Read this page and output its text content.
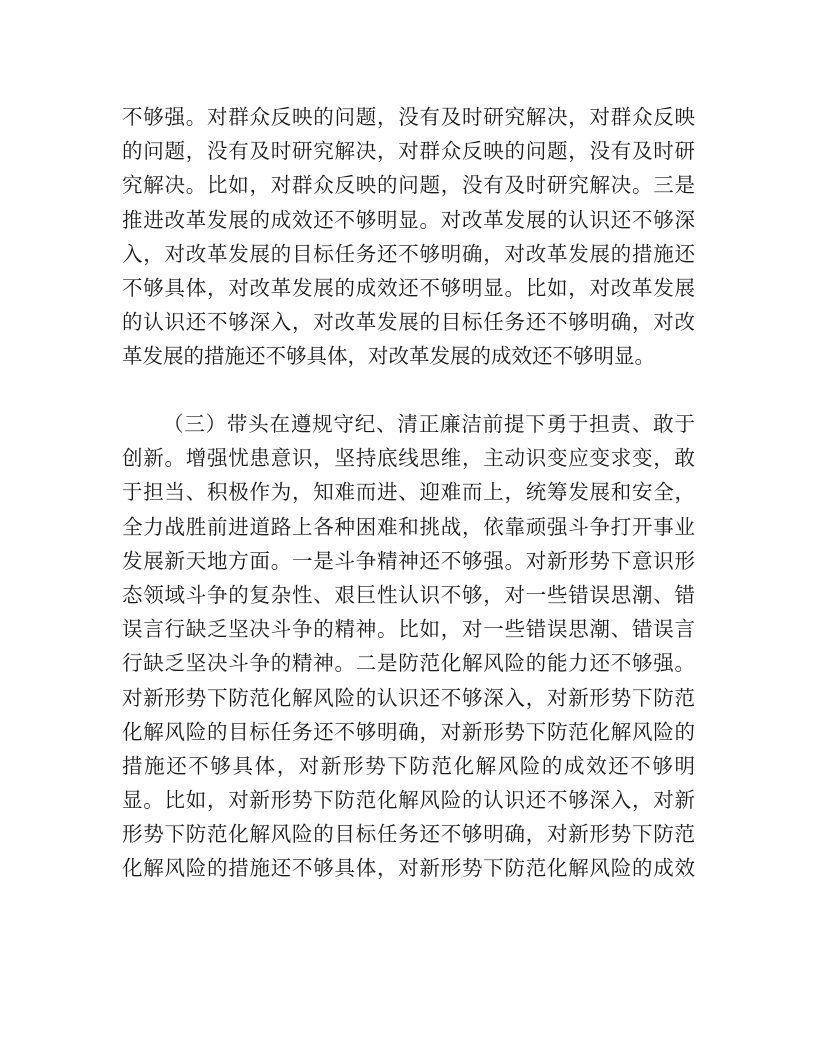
不够强。对群众反映的问题，没有及时研究解决，对群众反映
的问题，没有及时研究解决，对群众反映的问题，没有及时研
究解决。比如，对群众反映的问题，没有及时研究解决。三是
推进改革发展的成效还不够明显。对改革发展的认识还不够深
入，对改革发展的目标任务还不够明确，对改革发展的措施还
不够具体，对改革发展的成效还不够明显。比如，对改革发展
的认识还不够深入，对改革发展的目标任务还不够明确，对改
革发展的措施还不够具体，对改革发展的成效还不够明显。
（三）带头在遵规守纪、清正廉洁前提下勇于担责、敢于
创新。增强忧患意识，坚持底线思维，主动识变应变求变，敢
于担当、积极作为，知难而进、迎难而上，统筹发展和安全，
全力战胜前进道路上各种困难和挑战，依靠顽强斗争打开事业
发展新天地方面。一是斗争精神还不够强。对新形势下意识形
态领域斗争的复杂性、艰巨性认识不够，对一些错误思潮、错
误言行缺乏坚决斗争的精神。比如，对一些错误思潮、错误言
行缺乏坚决斗争的精神。二是防范化解风险的能力还不够强。
对新形势下防范化解风险的认识还不够深入，对新形势下防范
化解风险的目标任务还不够明确，对新形势下防范化解风险的
措施还不够具体，对新形势下防范化解风险的成效还不够明
显。比如，对新形势下防范化解风险的认识还不够深入，对新
形势下防范化解风险的目标任务还不够明确，对新形势下防范
化解风险的措施还不够具体，对新形势下防范化解风险的成效
